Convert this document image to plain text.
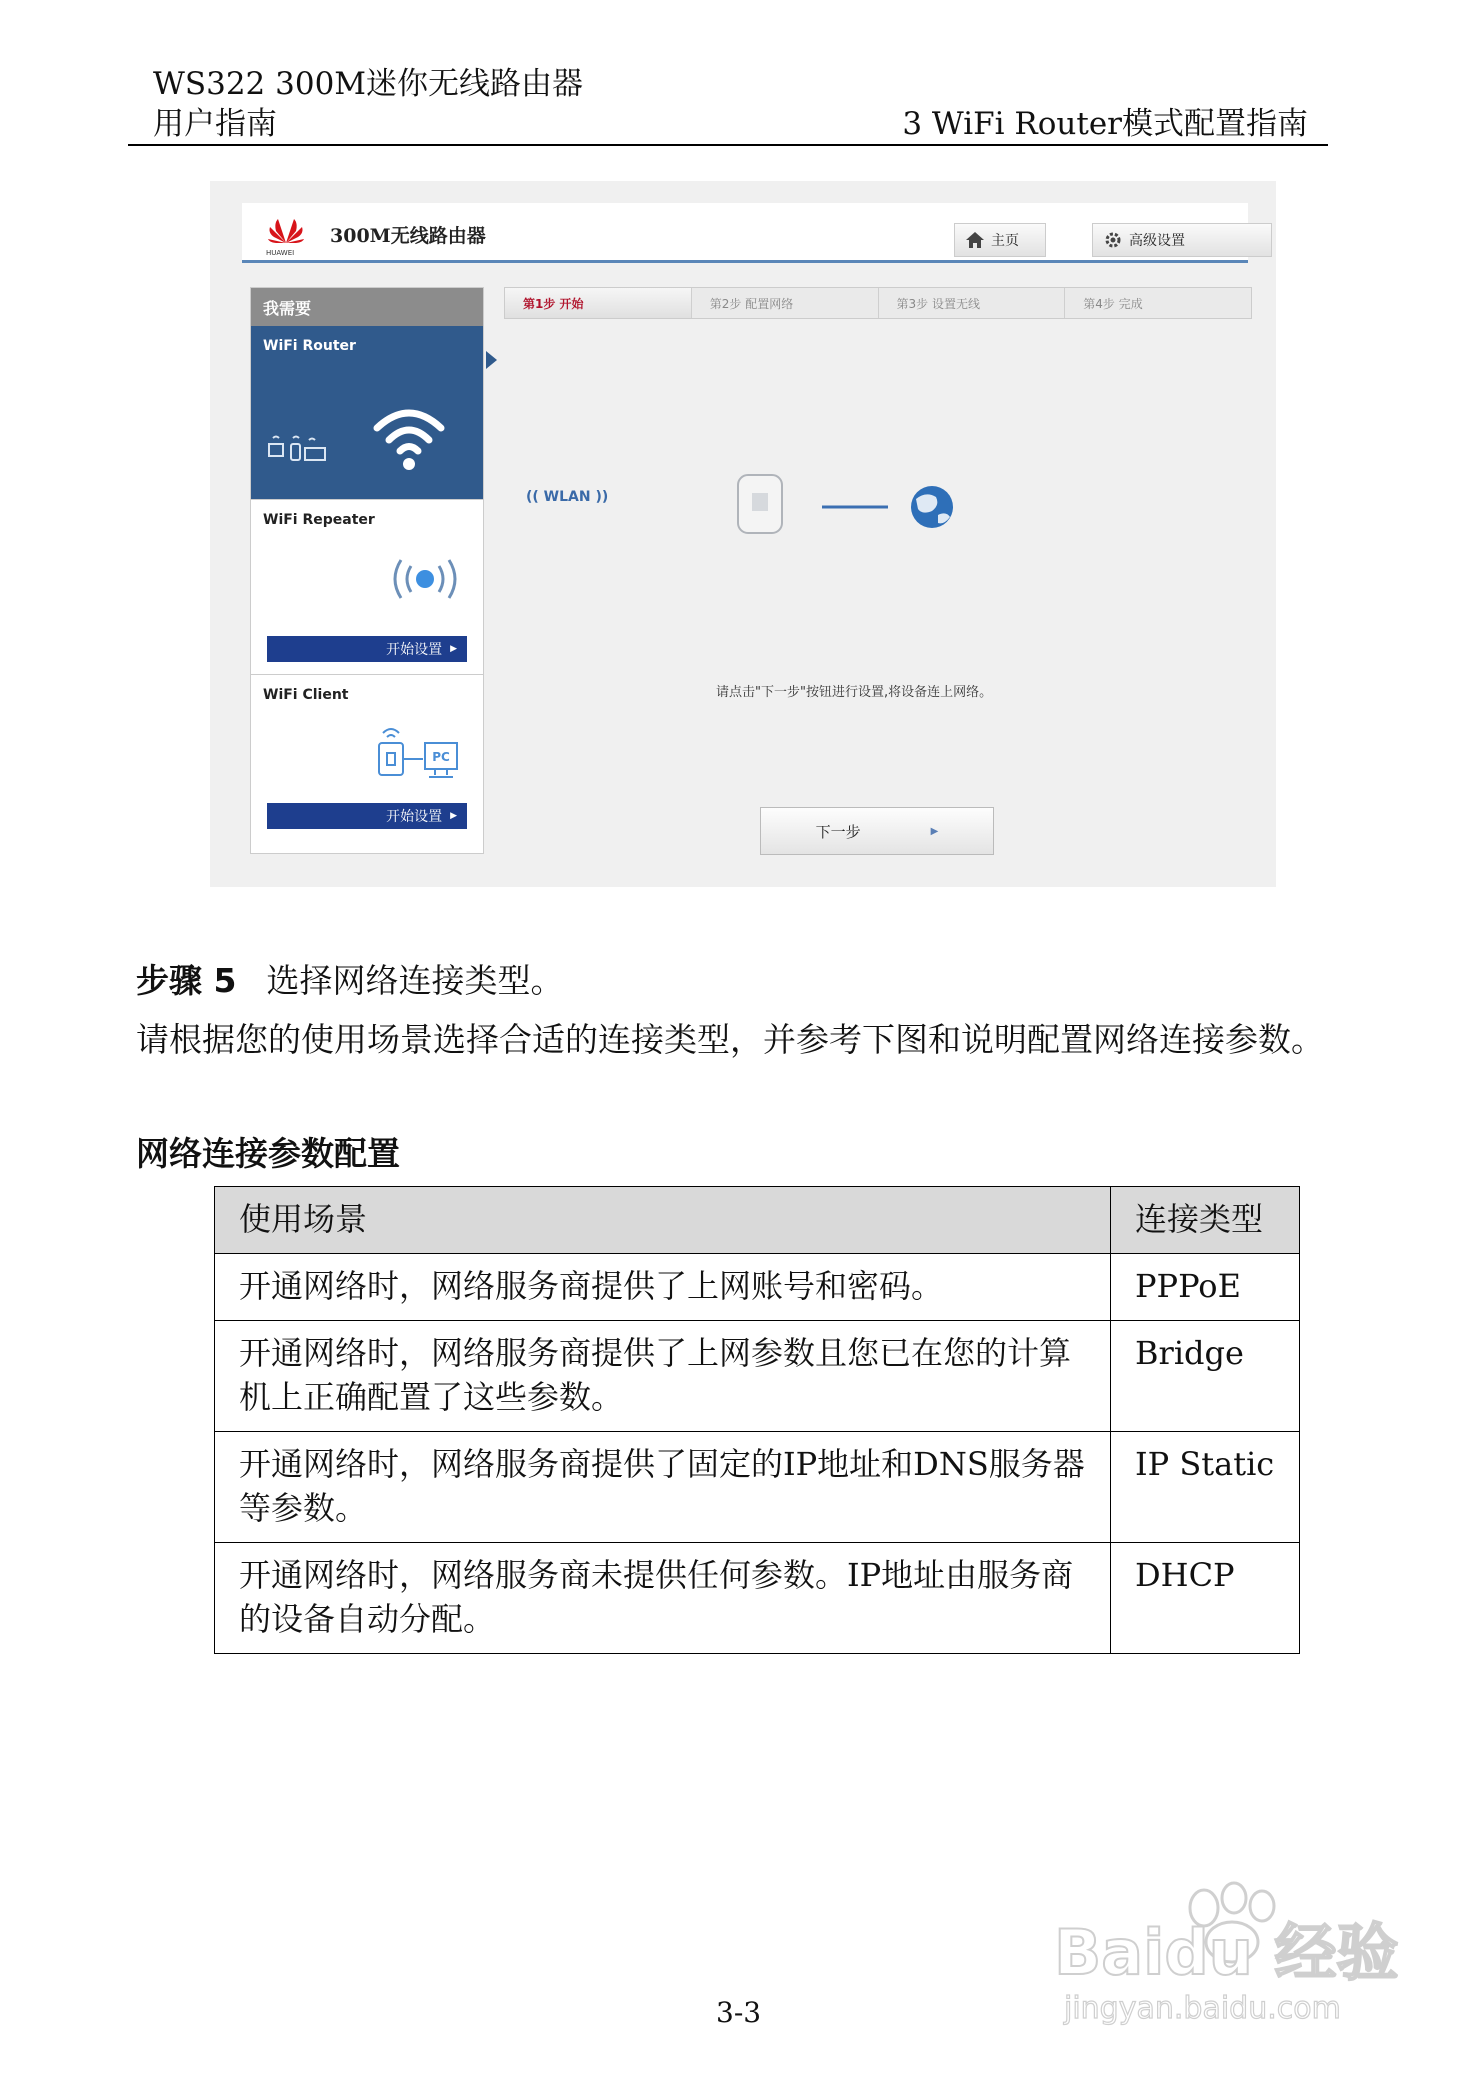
WS322 300M迷你无线路由器
用户指南	3 WiFi Router模式配置指南
HUAWEI
300M无线路由器	主页	高级设置
我需要
WiFi Router
WiFi Repeater
开始设置 ▶
WiFi Client
PC
开始设置 ▶
第1步 开始	第2步 配置网络	第3步 设置无线	第4步 完成
(( WLAN ))
请点击"下一步"按钮进行设置,将设备连上网络。
下一步	▶
步骤 5 选择网络连接类型。
请根据您的使用场景选择合适的连接类型，并参考下图和说明配置网络连接参数。
网络连接参数配置
使用场景	连接类型
开通网络时，网络服务商提供了上网账号和密码。	PPPoE
开通网络时，网络服务商提供了上网参数且您已在您的计算机上正确配置了这些参数。	Bridge
开通网络时，网络服务商提供了固定的IP地址和DNS服务器等参数。	IP Static
开通网络时，网络服务商未提供任何参数。IP地址由服务商的设备自动分配。	DHCP
Baidu 经验
jingyan.baidu.com
3-3
